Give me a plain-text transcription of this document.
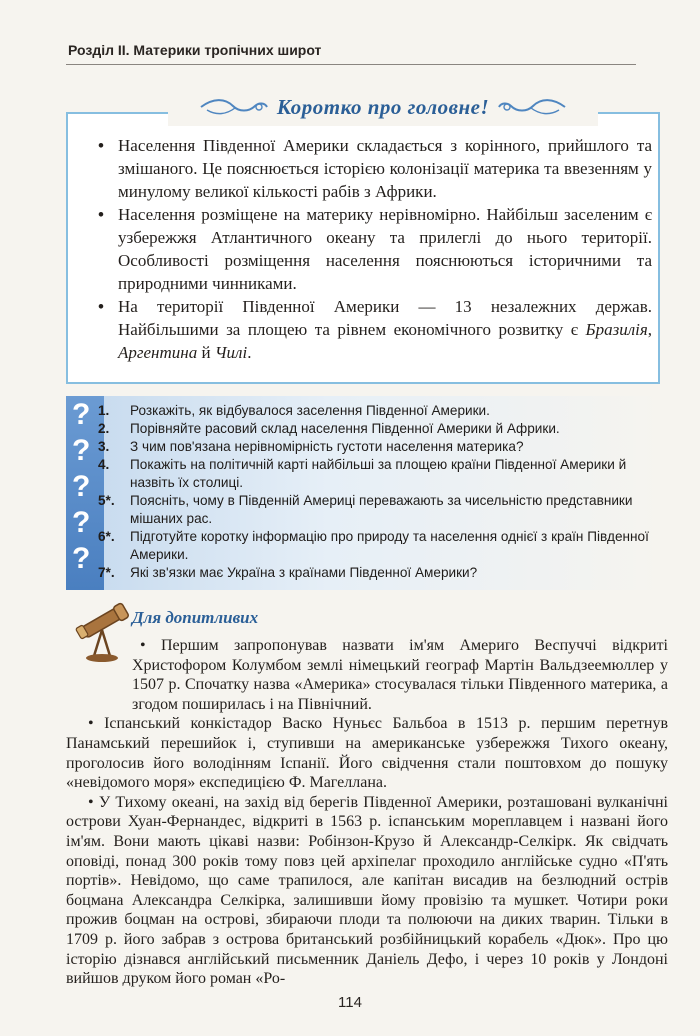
Розділ II. Материки тропічних широт
Коротко про головне!

• Населення Південної Америки складається з корінного, прийшлого та змішаного. Це пояснюється історією колонізації материка та ввезенням у минулому великої кількості рабів з Африки.

• Населення розміщене на материку нерівномірно. Найбільш заселеним є узбережжя Атлантичного океану та прилеглі до нього території. Особливості розміщення населення пояснюються історичними та природними чинниками.

• На території Південної Америки — 13 незалежних держав. Найбільшими за площею та рівнем економічного розвитку є Бразилія, Аргентина й Чилі.

?
?
?
?
?
1.	Розкажіть, як відбувалося заселення Південної Америки.
2.	Порівняйте расовий склад населення Південної Америки й Африки.
3.	З чим пов'язана нерівномірність густоти населення материка?
4.	Покажіть на політичній карті найбільші за площею країни Південної Америки й назвіть їх столиці.
5*.	Поясніть, чому в Південній Америці переважають за чисельністю представники мішаних рас.
6*.	Підготуйте коротку інформацію про природу та населення однієї з країн Південної Америки.
7*.	Які зв'язки має Україна з країнами Південної Америки?
Для допитливих

• Першим запропонував назвати ім'ям Америго Веспуччі відкриті Христофором Колумбом землі німецький географ Мартін Вальдзеемюллер у 1507 р. Спочатку назва «Америка» стосувалася тільки Південного материка, а згодом поширилась і на Північний.

• Іспанський конкістадор Васко Нуньєс Бальбоа в 1513 р. першим перетнув Панамський перешийок і, ступивши на американське узбережжя Тихого океану, проголосив його володінням Іспанії. Його свідчення стали поштовхом до пошуку «невідомого моря» експедицією Ф. Магеллана.

• У Тихому океані, на захід від берегів Південної Америки, розташовані вулканічні острови Хуан-Фернандес, відкриті в 1563 р. іспанським мореплавцем і названі його ім'ям. Вони мають цікаві назви: Робінзон-Крузо й Александр-Селкірк. Як свідчать оповіді, понад 300 років тому повз цей архіпелаг проходило англійське судно «П'ять портів». Невідомо, що саме трапилося, але капітан висадив на безлюдний острів боцмана Александра Селкірка, залишивши йому провізію та мушкет. Чотири роки прожив боцман на острові, збираючи плоди та полюючи на диких тварин. Тільки в 1709 р. його забрав з острова британський розбійницький корабель «Дюк». Про цю історію дізнався англійський письменник Даніель Дефо, і через 10 років у Лондоні вийшов друком його роман «Ро-

114
